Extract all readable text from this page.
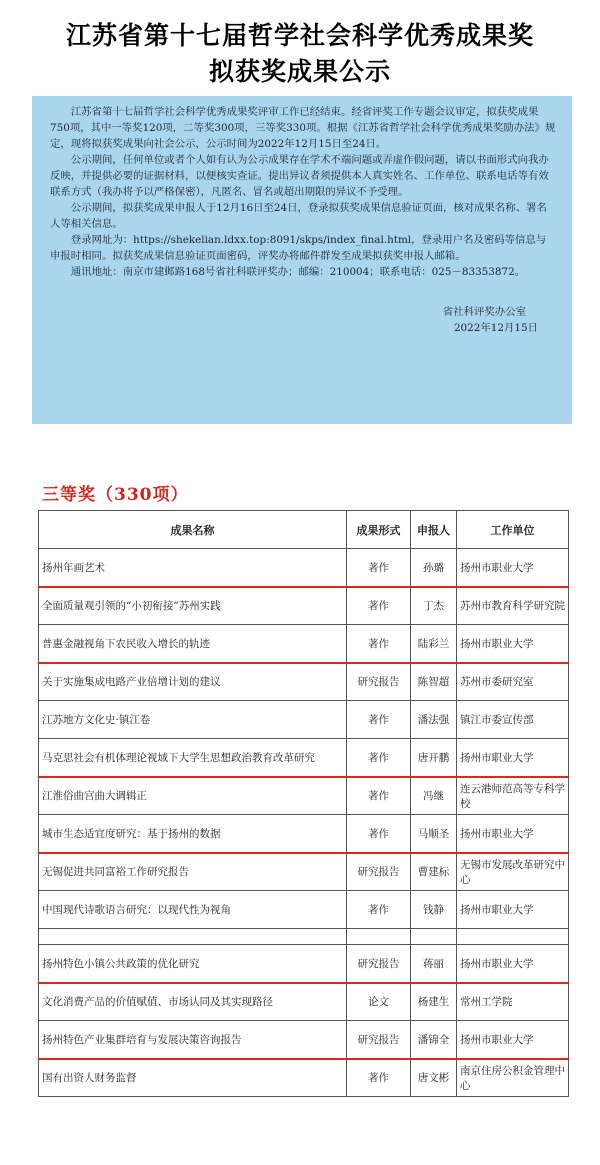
江苏省第十七届哲学社会科学优秀成果奖
拟获奖成果公示

江苏省第十七届哲学社会科学优秀成果奖评审工作已经结束。经省评奖工作专题会议审定，拟获奖成果750项，其中一等奖120项，二等奖300项，三等奖330项。根据《江苏省哲学社会科学优秀成果奖励办法》规定，现将拟获奖成果向社会公示，公示时间为2022年12月15日至24日。

公示期间，任何单位或者个人如有认为公示成果存在学术不端问题或弄虚作假问题，请以书面形式向我办反映，并提供必要的证据材料，以便核实查证。提出异议者须提供本人真实姓名、工作单位、联系电话等有效联系方式（我办将予以严格保密），凡匿名、冒名或超出期限的异议不予受理。

公示期间，拟获奖成果申报人于12月16日至24日，登录拟获奖成果信息验证页面，核对成果名称、署名人等相关信息。

登录网址为：https://shekelian.ldxx.top:8091/skps/index_final.html，登录用户名及密码等信息与申报时相同。拟获奖成果信息验证页面密码，评奖办将邮件群发至成果拟获奖申报人邮箱。

通讯地址：南京市建邺路168号省社科联评奖办；邮编：210004；联系电话：025－83353872。

省社科评奖办公室

2022年12月15日

三等奖（330项）
成果名称	成果形式	申报人	工作单位
扬州年画艺术	著作	孙璐	扬州市职业大学
全面质量观引领的“小初衔接”苏州实践	著作	丁杰	苏州市教育科学研究院
普惠金融视角下农民收入增长的轨迹	著作	陆彩兰	扬州市职业大学
关于实施集成电路产业倍增计划的建议	研究报告	陈智超	苏州市委研究室
江苏地方文化史·镇江卷	著作	潘法强	镇江市委宣传部
马克思社会有机体理论视域下大学生思想政治教育改革研究	著作	唐开鹏	扬州市职业大学
江淮俗曲宫曲大调辑正	著作	冯继	连云港师范高等专科学校
城市生态适宜度研究：基于扬州的数据	著作	马顺圣	扬州市职业大学
无锡促进共同富裕工作研究报告	研究报告	曹建标	无锡市发展改革研究中心
中国现代诗歌语言研究：以现代性为视角	著作	钱静	扬州市职业大学

扬州特色小镇公共政策的优化研究	研究报告	蒋丽	扬州市职业大学
文化消费产品的价值赋值、市场认同及其实现路径	论文	杨建生	常州工学院
扬州特色产业集群培育与发展决策咨询报告	研究报告	潘锦全	扬州市职业大学
国有出资人财务监督	著作	唐文彬	南京住房公积金管理中心
